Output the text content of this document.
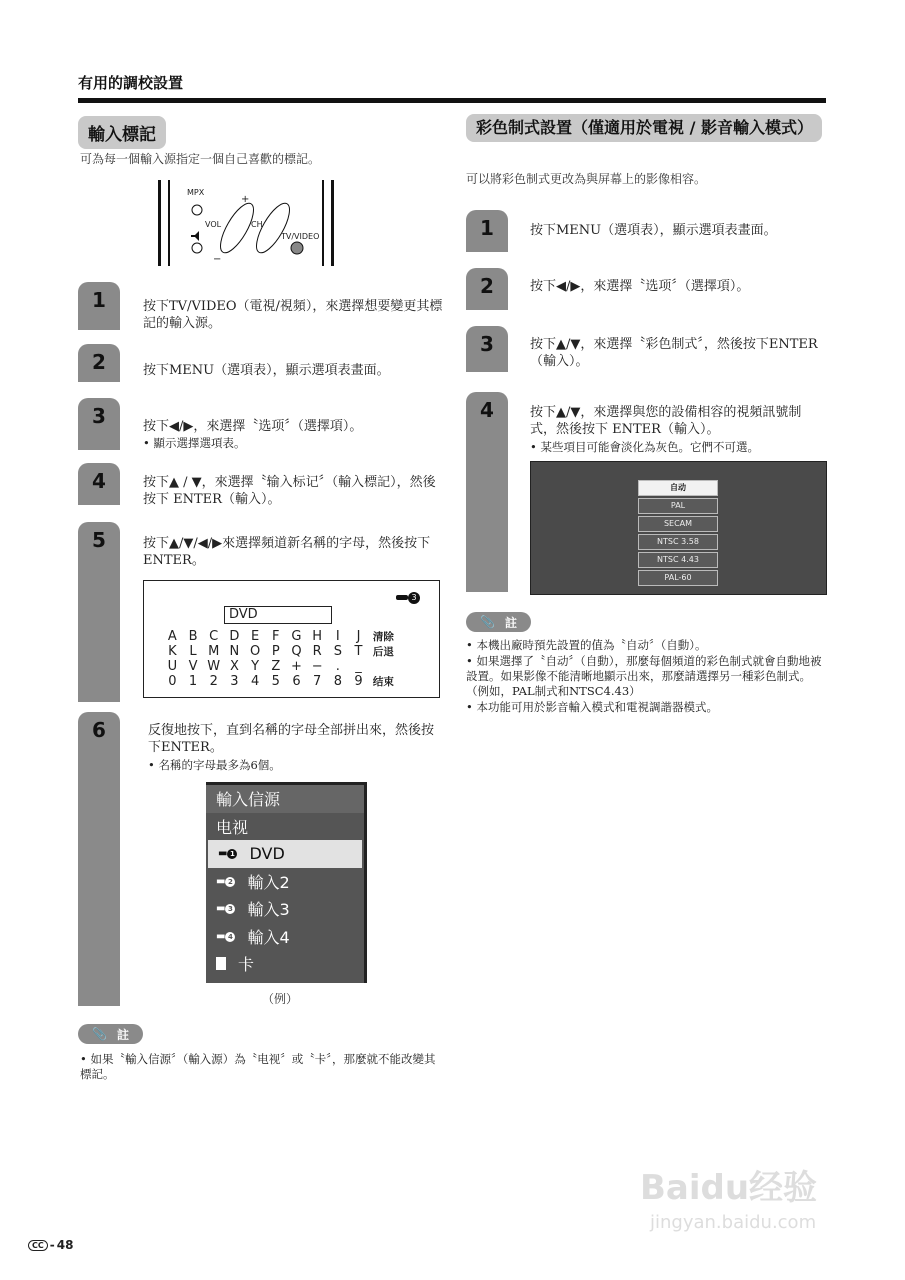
有用的調校設置
輸入標記
可為每一個輸入源指定一個自己喜歡的標記。
MPX
VOL	CH
TV/VIDEO
+
−
1	按下TV/VIDEO（電視/視頻），來選擇想要變更其標記的輸入源。
2	按下MENU（選項表），顯示選項表畫面。
3	按下◀/▶，來選擇〝选项〞（選擇項）。
• 顯示選擇選項表。
4	按下▲ / ▼，來選擇〝输入标记〞（輸入標記），然後按下 ENTER（輸入）。
5	按下▲/▼/◀/▶來選擇頻道新名稱的字母，然後按下ENTER。
DVD
3
A B C D E F G H	I	J	清除
K L M N O P Q R S T 后退
U V W X Y Z + −	.	_
0 1 2 3 4 5 6 7 8 9 结束
6	反復地按下，直到名稱的字母全部拼出來，然後按下ENTER。
• 名稱的字母最多為6個。
輸入信源
电视
▬ 1 DVD
▬ 2 輸入2
▬ 3 輸入3
▬ 4 輸入4
卡
（例）
📎 註
• 如果〝輸入信源〞（輸入源）為〝电视〞或〝卡〞，那麼就不能改變其標記。
彩色制式設置（僅適用於電視 / 影音輸入模式）
可以將彩色制式更改為與屏幕上的影像相容。
1	按下MENU（選項表），顯示選項表畫面。
2	按下◀/▶，來選擇〝选项〞（選擇項）。
3	按下▲/▼，來選擇〝彩色制式〞，然後按下ENTER（輸入）。
4	按下▲/▼，來選擇與您的設備相容的視頻訊號制式，然後按下 ENTER（輸入）。
• 某些項目可能會淡化為灰色。它們不可選。
自动
PAL
SECAM
NTSC 3.58
NTSC 4.43
PAL-60
📎 註
• 本機出廠時預先設置的值為〝自动〞（自動）。
• 如果選擇了〝自动〞（自動），那麼每個頻道的彩色制式就會自動地被設置。如果影像不能清晰地顯示出來，那麼請選擇另一種彩色制式。（例如，PAL制式和NTSC4.43）
• 本功能可用於影音輸入模式和電視調諧器模式。
Baidu经验
jingyan.baidu.com
CC - 48
